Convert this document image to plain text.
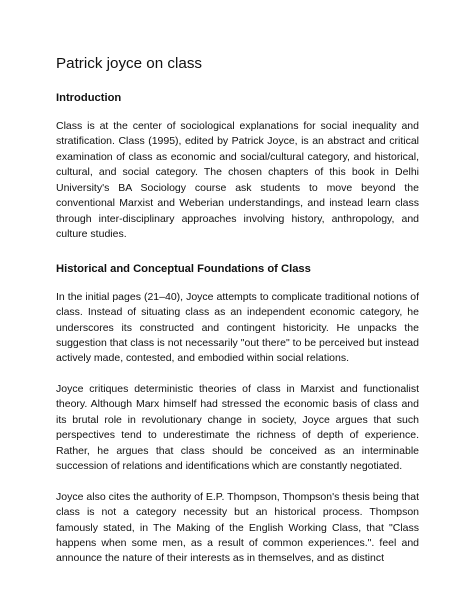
Patrick joyce on class
Introduction

Class is at the center of sociological explanations for social inequality and stratification. Class (1995), edited by Patrick Joyce, is an abstract and critical examination of class as economic and social/cultural category, and historical, cultural, and social category. The chosen chapters of this book in Delhi University's BA Sociology course ask students to move beyond the conventional Marxist and Weberian understandings, and instead learn class through inter-disciplinary approaches involving history, anthropology, and culture studies.

Historical and Conceptual Foundations of Class

In the initial pages (21–40), Joyce attempts to complicate traditional notions of class. Instead of situating class as an independent economic category, he underscores its constructed and contingent historicity. He unpacks the suggestion that class is not necessarily "out there" to be perceived but instead actively made, contested, and embodied within social relations.

Joyce critiques deterministic theories of class in Marxist and functionalist theory. Although Marx himself had stressed the economic basis of class and its brutal role in revolutionary change in society, Joyce argues that such perspectives tend to underestimate the richness of depth of experience. Rather, he argues that class should be conceived as an interminable succession of relations and identifications which are constantly negotiated.

Joyce also cites the authority of E.P. Thompson, Thompson's thesis being that class is not a category necessity but an historical process. Thompson famously stated, in The Making of the English Working Class, that "Class happens when some men, as a result of common experiences.". feel and announce the nature of their interests as in themselves, and as distinct
